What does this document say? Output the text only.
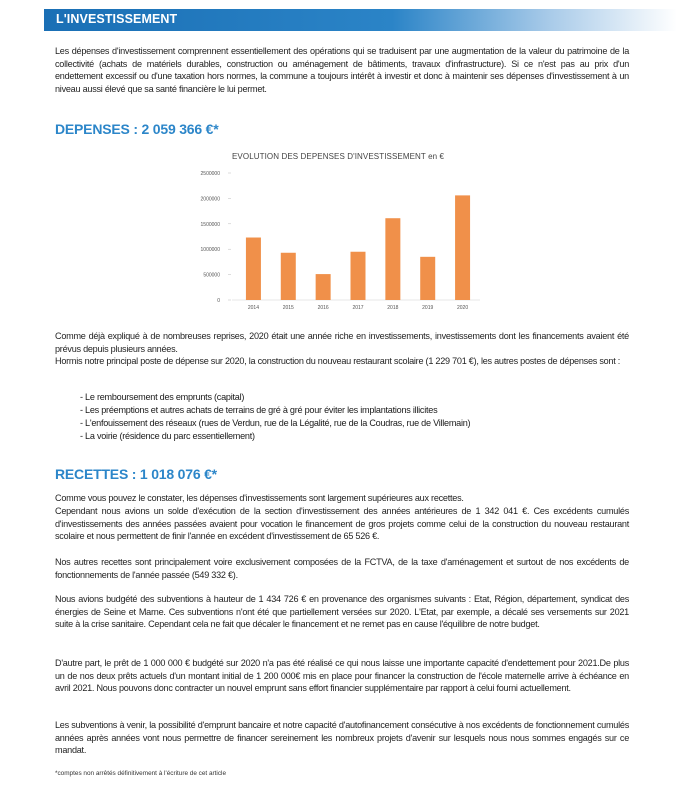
L'INVESTISSEMENT

Les dépenses d'investissement comprennent essentiellement des opérations qui se traduisent par une augmentation de la valeur du patrimoine de la collectivité (achats de matériels durables, construction ou aménagement de bâtiments, travaux d'infrastructure). Si ce n'est pas au prix d'un endettement excessif ou d'une taxation hors normes, la commune a toujours intérêt à investir et donc à maintenir ses dépenses d'investissement à un niveau aussi élevé que sa santé financière le lui permet.

DEPENSES : 2 059 366 €*
EVOLUTION DES DEPENSES D'INVESTISSEMENT en €
0
500000
1000000
1500000
2000000
2500000
2014	2015	2016	2017	2018	2019	2020

Comme déjà expliqué à de nombreuses reprises, 2020 était une année riche en investissements, investissements dont les financements avaient été prévus depuis plusieurs années.

Hormis notre principal poste de dépense sur 2020, la construction du nouveau restaurant scolaire (1 229 701 €), les autres postes de dépenses sont :

- Le remboursement des emprunts (capital)
- Les préemptions et autres achats de terrains de gré à gré pour éviter les implantations illicites
- L'enfouissement des réseaux (rues de Verdun, rue de la Légalité, rue de la Coudras, rue de Villemain)
- La voirie (résidence du parc essentiellement)
RECETTES : 1 018 076 €*

Comme vous pouvez le constater, les dépenses d'investissements sont largement supérieures aux recettes.

Cependant nous avions un solde d'exécution de la section d'investissement des années antérieures de 1 342 041 €. Ces excédents cumulés d'investissements des années passées avaient pour vocation le financement de gros projets comme celui de la construction du nouveau restaurant scolaire et nous permettent de finir l'année en excédent d'investissement de 65 526 €.

Nos autres recettes sont principalement voire exclusivement composées de la FCTVA, de la taxe d'aménagement et surtout de nos excédents de fonctionnements de l'année passée (549 332 €).

Nous avions budgété des subventions à hauteur de 1 434 726 € en provenance des organismes suivants : Etat, Région, département, syndicat des énergies de Seine et Marne. Ces subventions n'ont été que partiellement versées sur 2020. L'Etat, par exemple, a décalé ses versements sur 2021 suite à la crise sanitaire. Cependant cela ne fait que décaler le financement et ne remet pas en cause l'équilibre de notre budget.

D'autre part, le prêt de 1 000 000 € budgété sur 2020 n'a pas été réalisé ce qui nous laisse une importante capacité d'endettement pour 2021.De plus un de nos deux prêts actuels d'un montant initial de 1 200 000€ mis en place pour financer la construction de l'école maternelle arrive à échéance en avril 2021. Nous pouvons donc contracter un nouvel emprunt sans effort financier supplémentaire par rapport à celui fourni actuellement.

Les subventions à venir, la possibilité d'emprunt bancaire et notre capacité d'autofinancement consécutive à nos excédents de fonctionnement cumulés années après années vont nous permettre de financer sereinement les nombreux projets d'avenir sur lesquels nous nous sommes engagés sur ce mandat.

*comptes non arrêtés définitivement à l'écriture de cet article
